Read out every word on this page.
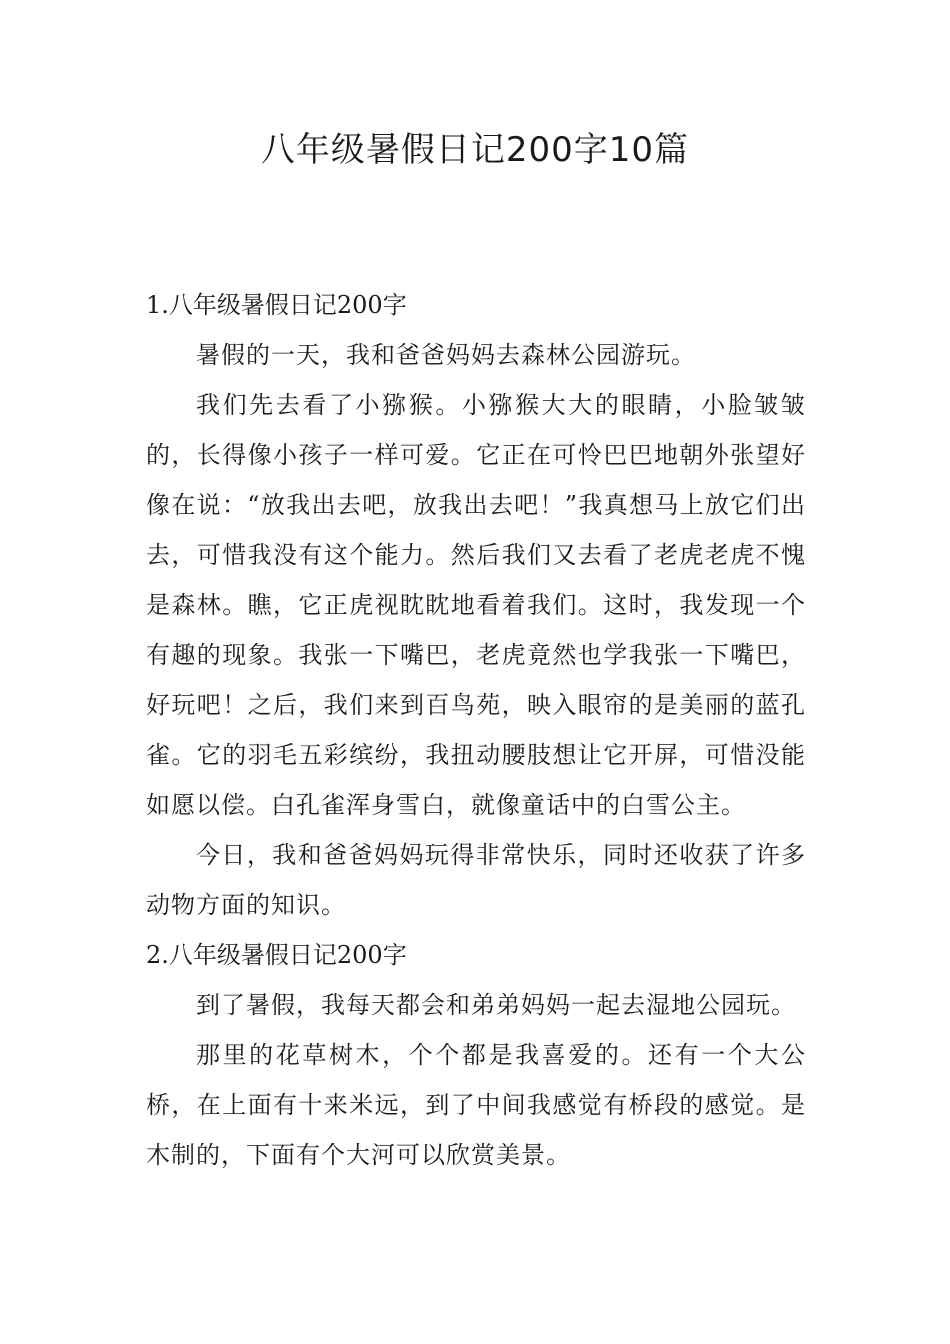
八年级暑假日记200字10篇
1.八年级暑假日记200字

暑假的一天，我和爸爸妈妈去森林公园游玩。

我们先去看了小猕猴。小猕猴大大的眼睛，小脸皱皱的，长得像小孩子一样可爱。它正在可怜巴巴地朝外张望好像在说：“放我出去吧，放我出去吧！”我真想马上放它们出去，可惜我没有这个能力。然后我们又去看了老虎老虎不愧是森林。瞧，它正虎视眈眈地看着我们。这时，我发现一个有趣的现象。我张一下嘴巴，老虎竟然也学我张一下嘴巴，好玩吧！之后，我们来到百鸟苑，映入眼帘的是美丽的蓝孔雀。它的羽毛五彩缤纷，我扭动腰肢想让它开屏，可惜没能如愿以偿。白孔雀浑身雪白，就像童话中的白雪公主。

今日，我和爸爸妈妈玩得非常快乐，同时还收获了许多动物方面的知识。

2.八年级暑假日记200字

到了暑假，我每天都会和弟弟妈妈一起去湿地公园玩。

那里的花草树木，个个都是我喜爱的。还有一个大公桥，在上面有十来米远，到了中间我感觉有桥段的感觉。是木制的，下面有个大河可以欣赏美景。
